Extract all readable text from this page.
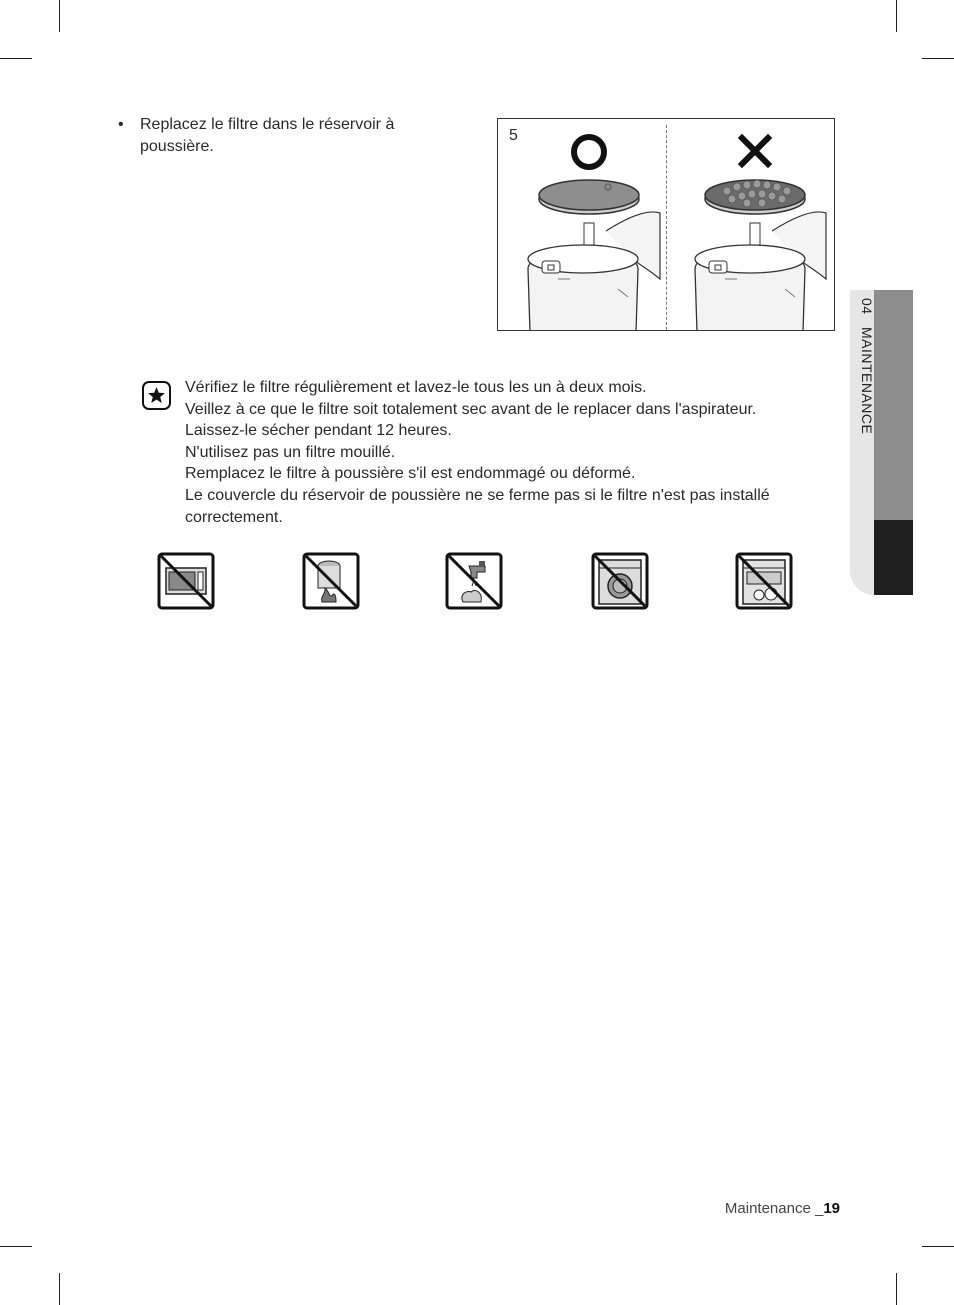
• Replacez le filtre dans le réservoir à poussière.
5
Vérifiez le filtre régulièrement et lavez-le tous les un à deux mois.
Veillez à ce que le filtre soit totalement sec avant de le replacer dans l'aspirateur.
Laissez-le sécher pendant 12 heures.
N'utilisez pas un filtre mouillé.
Remplacez le filtre à poussière s'il est endommagé ou déformé.
Le couvercle du réservoir de poussière ne se ferme pas si le filtre n'est pas installé
correctement.
04 MAINTENANCE
Maintenance _19
